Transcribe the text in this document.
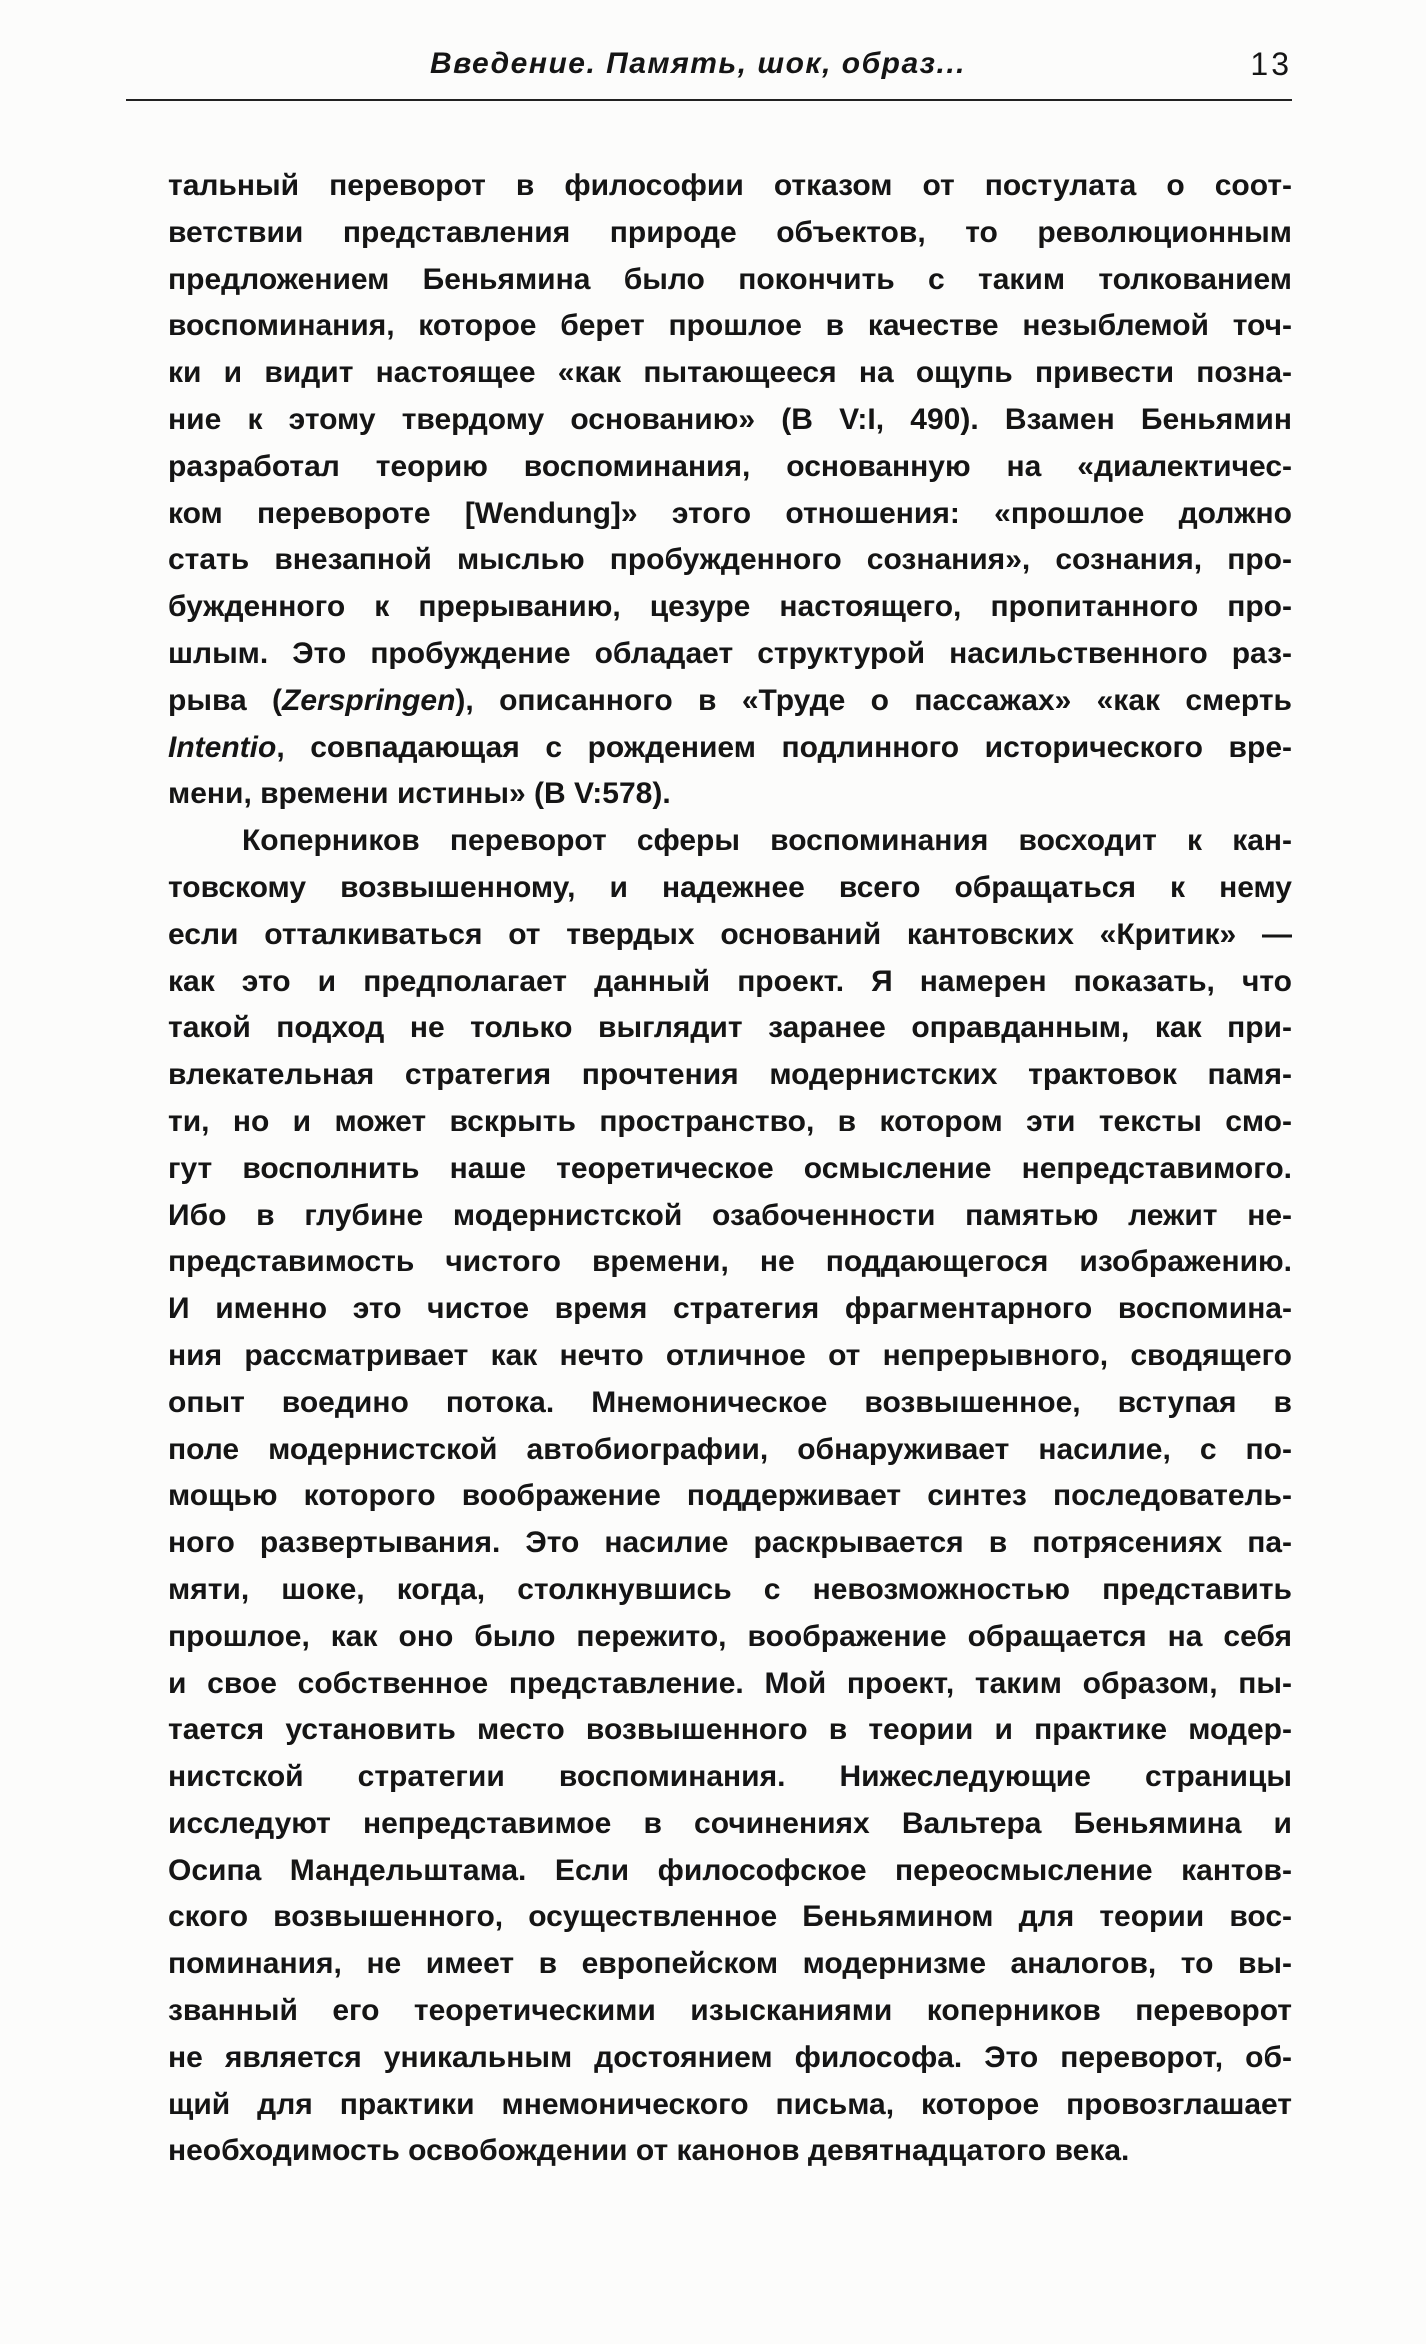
Введение. Память, шок, образ...	13
тальный переворот в философии отказом от постулата о соот-
ветствии представления природе объектов, то революционным
предложением Беньямина было покончить с таким толкованием
воспоминания, которое берет прошлое в качестве незыблемой точ-
ки и видит настоящее «как пытающееся на ощупь привести позна-
ние к этому твердому основанию» (B V:I, 490). Взамен Беньямин
разработал теорию воспоминания, основанную на «диалектичес-
ком перевороте [Wendung]» этого отношения: «прошлое должно
стать внезапной мыслью пробужденного сознания», сознания, про-
бужденного к прерыванию, цезуре настоящего, пропитанного про-
шлым. Это пробуждение обладает структурой насильственного раз-
рыва (Zerspringen), описанного в «Труде о пассажах» «как смерть
Intentio, совпадающая с рождением подлинного исторического вре-
мени, времени истины» (B V:578).
Коперников переворот сферы воспоминания восходит к кан-
товскому возвышенному, и надежнее всего обращаться к нему
если отталкиваться от твердых оснований кантовских «Критик» —
как это и предполагает данный проект. Я намерен показать, что
такой подход не только выглядит заранее оправданным, как при-
влекательная стратегия прочтения модернистских трактовок памя-
ти, но и может вскрыть пространство, в котором эти тексты смо-
гут восполнить наше теоретическое осмысление непредставимого.
Ибо в глубине модернистской озабоченности памятью лежит не-
представимость чистого времени, не поддающегося изображению.
И именно это чистое время стратегия фрагментарного воспомина-
ния рассматривает как нечто отличное от непрерывного, сводящего
опыт воедино потока. Мнемоническое возвышенное, вступая в
поле модернистской автобиографии, обнаруживает насилие, с по-
мощью которого воображение поддерживает синтез последователь-
ного развертывания. Это насилие раскрывается в потрясениях па-
мяти, шоке, когда, столкнувшись с невозможностью представить
прошлое, как оно было пережито, воображение обращается на себя
и свое собственное представление. Мой проект, таким образом, пы-
тается установить место возвышенного в теории и практике модер-
нистской стратегии воспоминания. Нижеследующие страницы
исследуют непредставимое в сочинениях Вальтера Беньямина и
Осипа Мандельштама. Если философское переосмысление кантов-
ского возвышенного, осуществленное Беньямином для теории вос-
поминания, не имеет в европейском модернизме аналогов, то вы-
званный его теоретическими изысканиями коперников переворот
не является уникальным достоянием философа. Это переворот, об-
щий для практики мнемонического письма, которое провозглашает
необходимость освобождении от канонов девятнадцатого века.
